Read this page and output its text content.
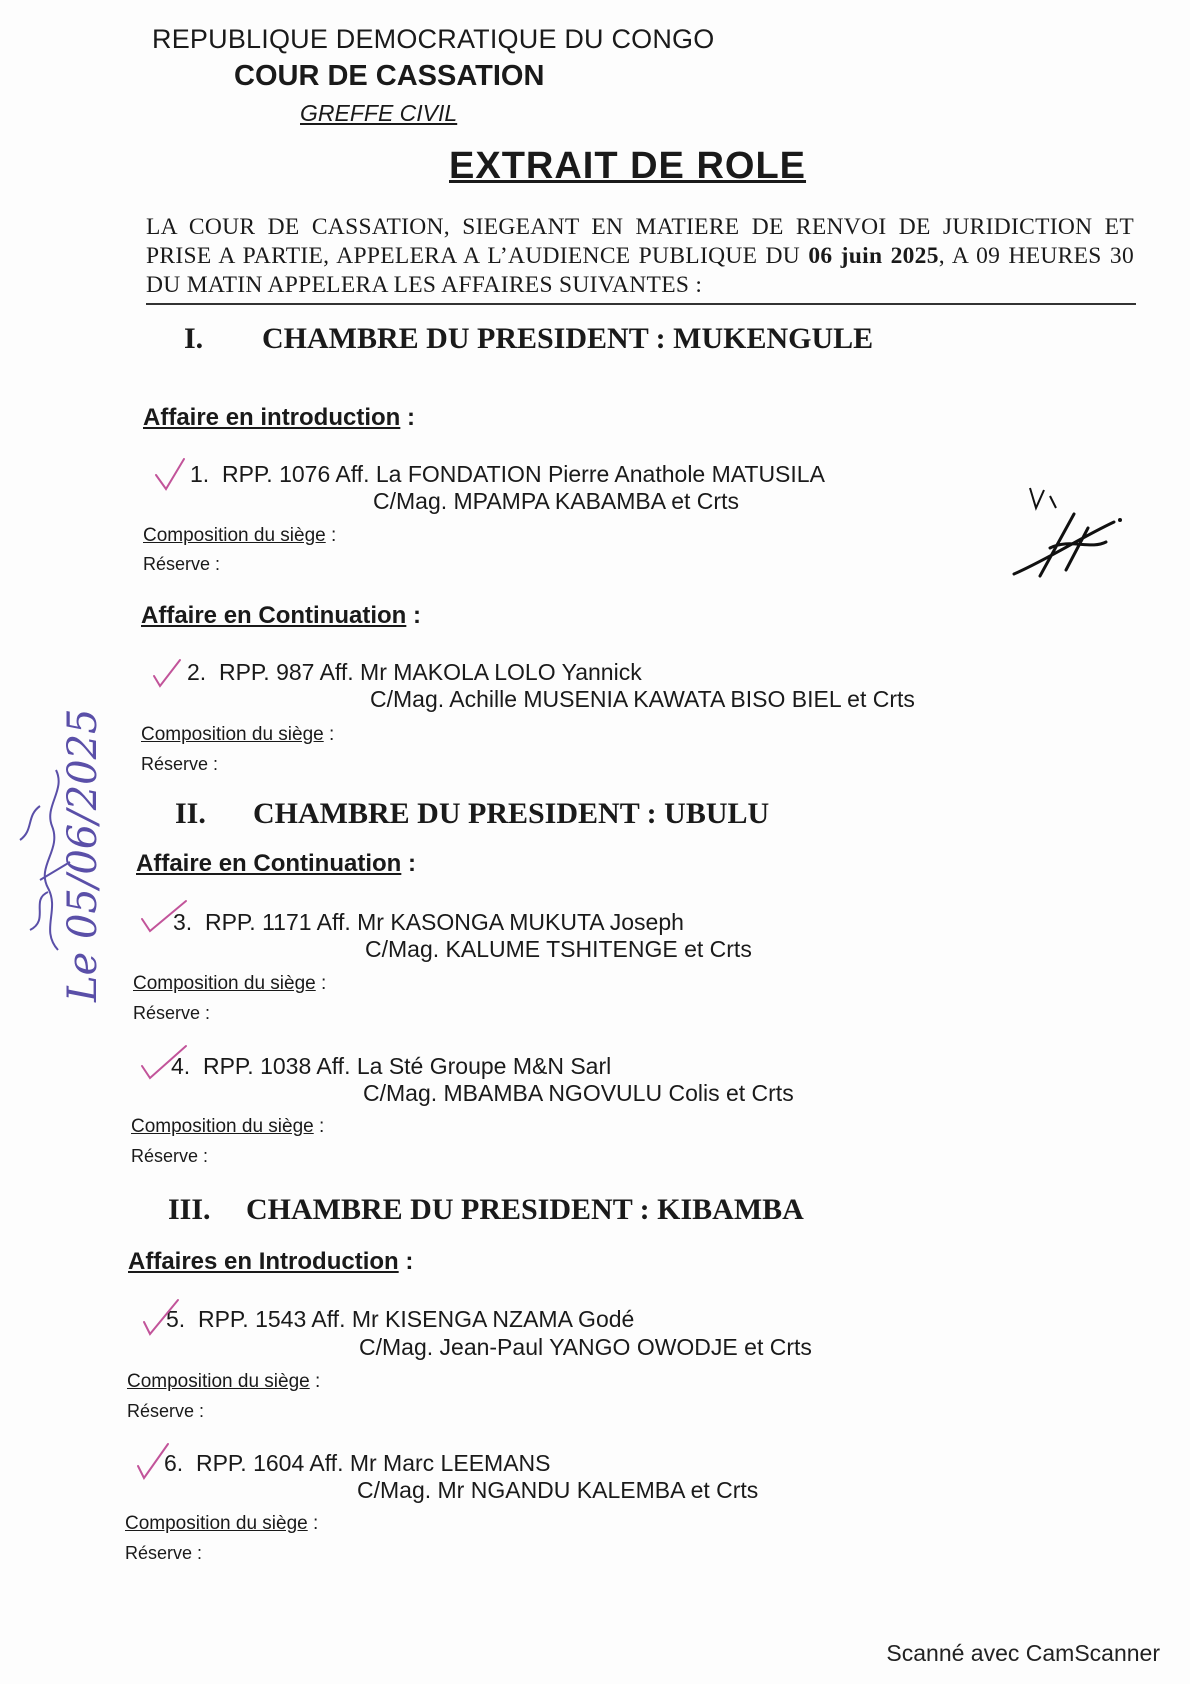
REPUBLIQUE DEMOCRATIQUE DU CONGO
COUR DE CASSATION
GREFFE CIVIL
EXTRAIT DE ROLE
LA COUR DE CASSATION, SIEGEANT EN MATIERE DE RENVOI DE JURIDICTION ET PRISE A PARTIE, APPELERA A L’AUDIENCE PUBLIQUE DU 06 juin 2025, A 09 HEURES 30 DU MATIN APPELERA LES AFFAIRES SUIVANTES :
I. CHAMBRE DU PRESIDENT : MUKENGULE
Affaire en introduction :
1. RPP. 1076 Aff. La FONDATION Pierre Anathole MATUSILA
C/Mag. MPAMPA KABAMBA et Crts
Composition du siège :
Réserve :
Affaire en Continuation :
2. RPP. 987 Aff. Mr MAKOLA LOLO Yannick
C/Mag. Achille MUSENIA KAWATA BISO BIEL et Crts
Composition du siège :
Réserve :
II. CHAMBRE DU PRESIDENT : UBULU
Affaire en Continuation :
3. RPP. 1171 Aff. Mr KASONGA MUKUTA Joseph
C/Mag. KALUME TSHITENGE et Crts
Composition du siège :
Réserve :
4. RPP. 1038 Aff. La Sté Groupe M&N Sarl
C/Mag. MBAMBA NGOVULU Colis et Crts
Composition du siège :
Réserve :
III. CHAMBRE DU PRESIDENT : KIBAMBA
Affaires en Introduction :
5. RPP. 1543 Aff. Mr KISENGA NZAMA Godé
C/Mag. Jean-Paul YANGO OWODJE et Crts
Composition du siège :
Réserve :
6. RPP. 1604 Aff. Mr Marc LEEMANS
C/Mag. Mr NGANDU KALEMBA et Crts
Composition du siège :
Réserve :
Le 05/06/2025
Scanné avec CamScanner
